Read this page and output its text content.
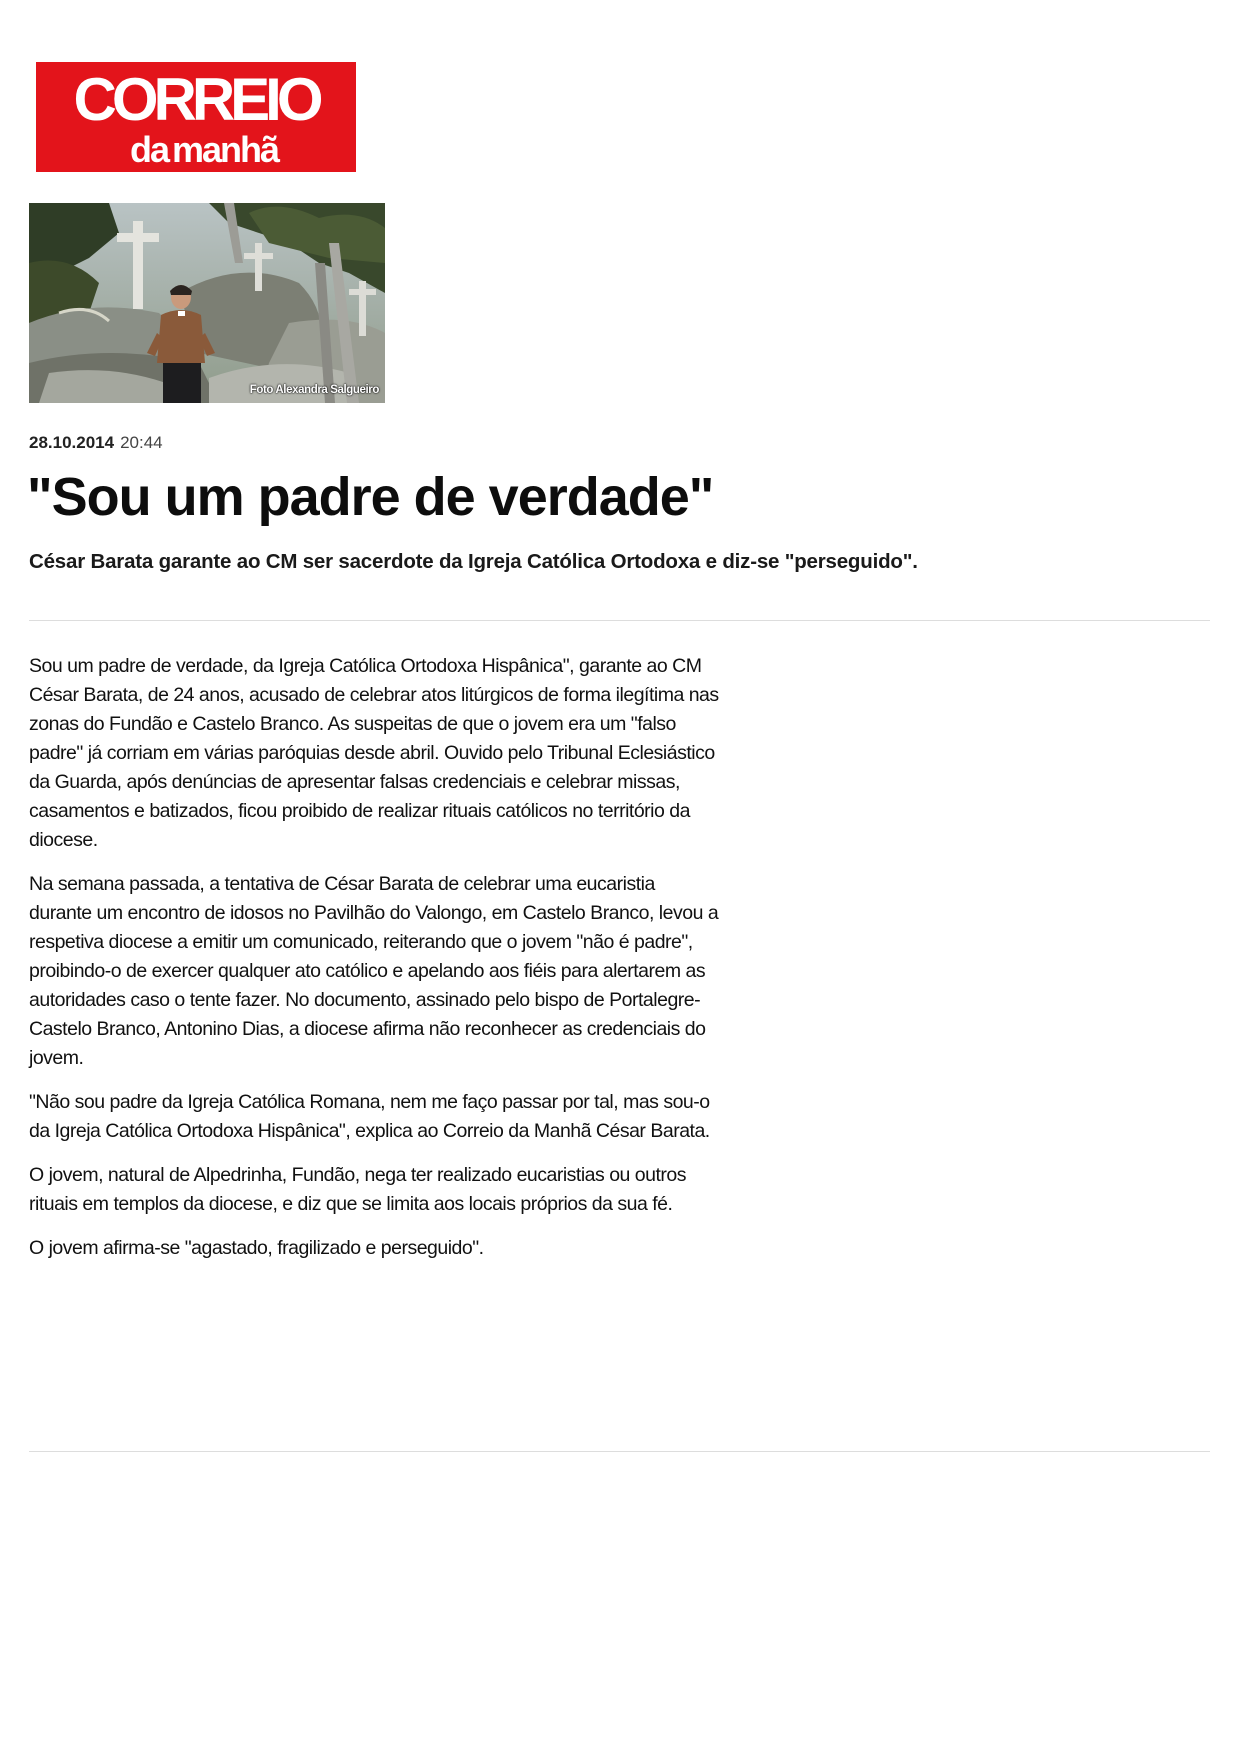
CORREIO
da manhã
Foto Alexandra Salgueiro
28.10.2014 20:44
"Sou um padre de verdade"

César Barata garante ao CM ser sacerdote da Igreja Católica Ortodoxa e diz-se "perseguido".

Sou um padre de verdade, da Igreja Católica Ortodoxa Hispânica", garante ao CM César Barata, de 24 anos, acusado de celebrar atos litúrgicos de forma ilegítima nas zonas do Fundão e Castelo Branco. As suspeitas de que o jovem era um "falso padre" já corriam em várias paróquias desde abril. Ouvido pelo Tribunal Eclesiástico da Guarda, após denúncias de apresentar falsas credenciais e celebrar missas, casamentos e batizados, ficou proibido de realizar rituais católicos no território da diocese.

Na semana passada, a tentativa de César Barata de celebrar uma eucaristia durante um encontro de idosos no Pavilhão do Valongo, em Castelo Branco, levou a respetiva diocese a emitir um comunicado, reiterando que o jovem "não é padre", proibindo-o de exercer qualquer ato católico e apelando aos fiéis para alertarem as autoridades caso o tente fazer. No documento, assinado pelo bispo de Portalegre-Castelo Branco, Antonino Dias, a diocese afirma não reconhecer as credenciais do jovem.

"Não sou padre da Igreja Católica Romana, nem me faço passar por tal, mas sou-o da Igreja Católica Ortodoxa Hispânica", explica ao Correio da Manhã César Barata.

O jovem, natural de Alpedrinha, Fundão, nega ter realizado eucaristias ou outros rituais em templos da diocese, e diz que se limita aos locais próprios da sua fé.

O jovem afirma-se "agastado, fragilizado e perseguido".
